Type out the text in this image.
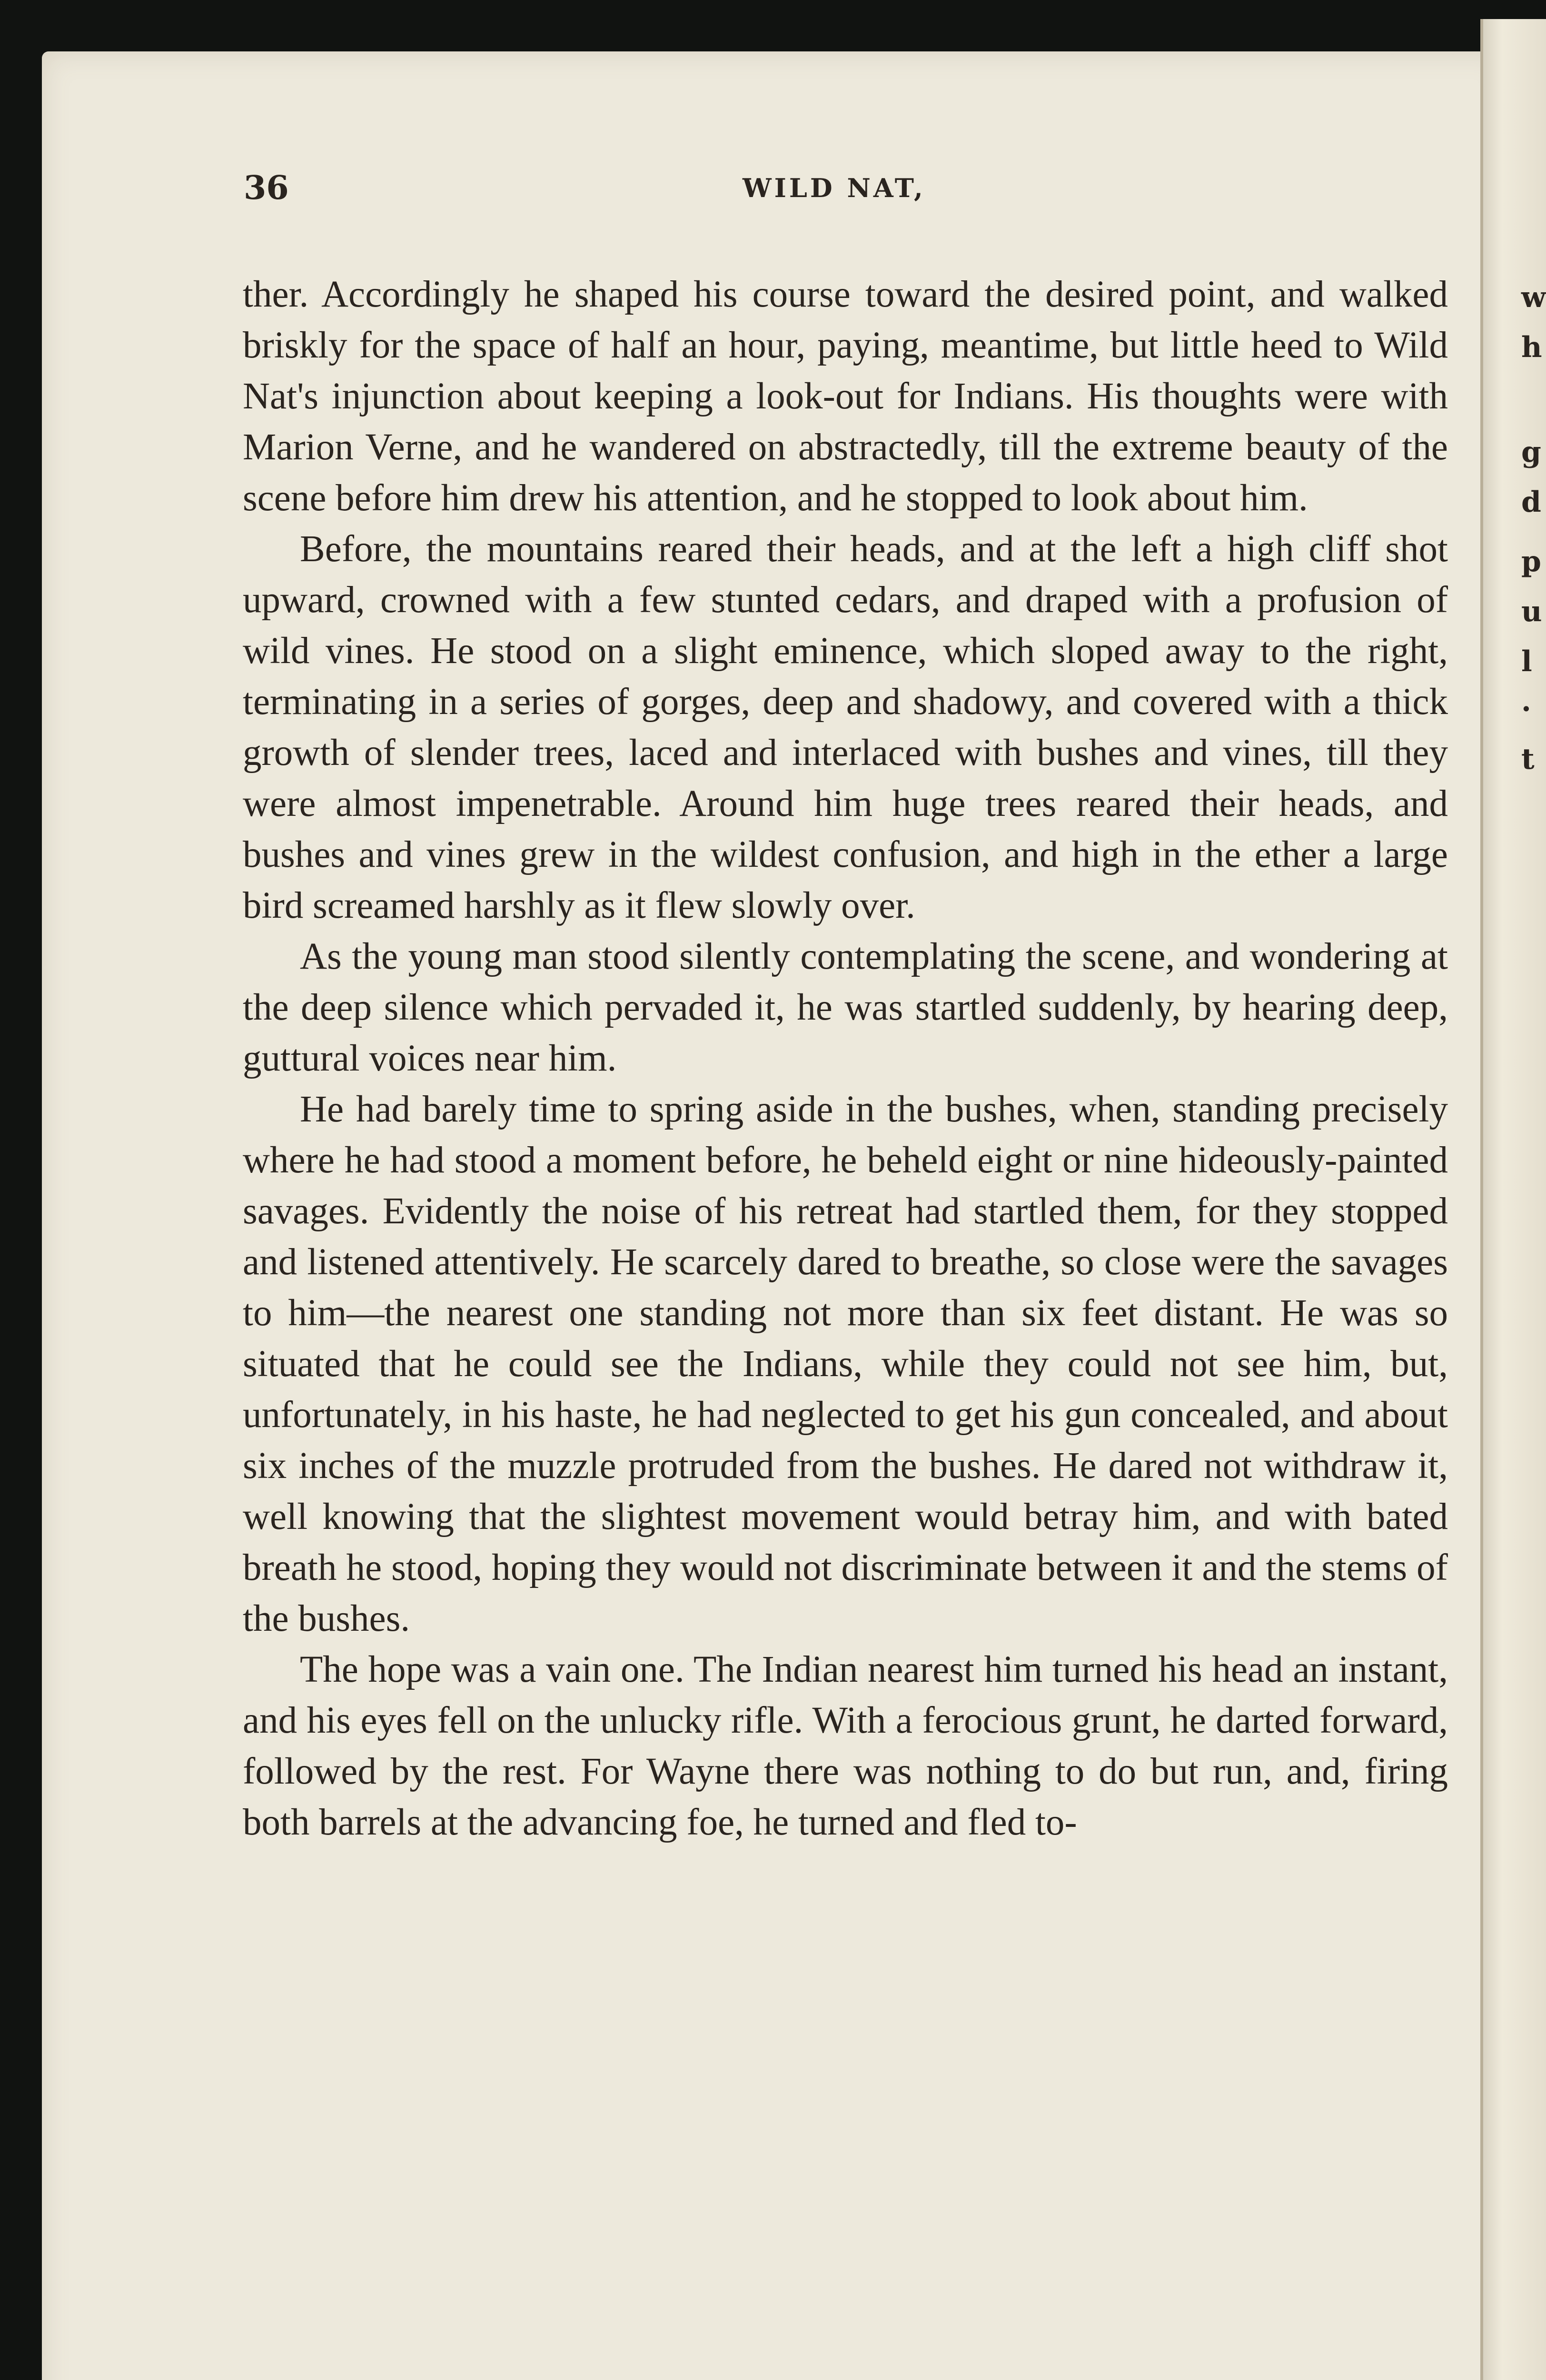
w
h
g
d
p
u
l
·
t
36	WILD NAT,

ther. Accordingly he shaped his course toward the desired point, and walked briskly for the space of half an hour, paying, meantime, but little heed to Wild Nat's injunction about keeping a look-out for Indians. His thoughts were with Marion Verne, and he wandered on abstractedly, till the extreme beauty of the scene before him drew his attention, and he stopped to look about him.

Before, the mountains reared their heads, and at the left a high cliff shot upward, crowned with a few stunted cedars, and draped with a profusion of wild vines. He stood on a slight eminence, which sloped away to the right, terminating in a series of gorges, deep and shadowy, and covered with a thick growth of slender trees, laced and interlaced with bushes and vines, till they were almost impenetrable. Around him huge trees reared their heads, and bushes and vines grew in the wildest confusion, and high in the ether a large bird screamed harshly as it flew slowly over.

As the young man stood silently contemplating the scene, and wondering at the deep silence which pervaded it, he was startled suddenly, by hearing deep, guttural voices near him.

He had barely time to spring aside in the bushes, when, standing precisely where he had stood a moment before, he beheld eight or nine hideously-painted savages. Evidently the noise of his retreat had startled them, for they stopped and listened attentively. He scarcely dared to breathe, so close were the savages to him—the nearest one standing not more than six feet distant. He was so situated that he could see the Indians, while they could not see him, but, unfortunately, in his haste, he had neglected to get his gun concealed, and about six inches of the muzzle protruded from the bushes. He dared not withdraw it, well knowing that the slightest movement would betray him, and with bated breath he stood, hoping they would not discriminate between it and the stems of the bushes.

The hope was a vain one. The Indian nearest him turned his head an instant, and his eyes fell on the unlucky rifle. With a ferocious grunt, he darted forward, followed by the rest. For Wayne there was nothing to do but run, and, firing both barrels at the advancing foe, he turned and fled to-
